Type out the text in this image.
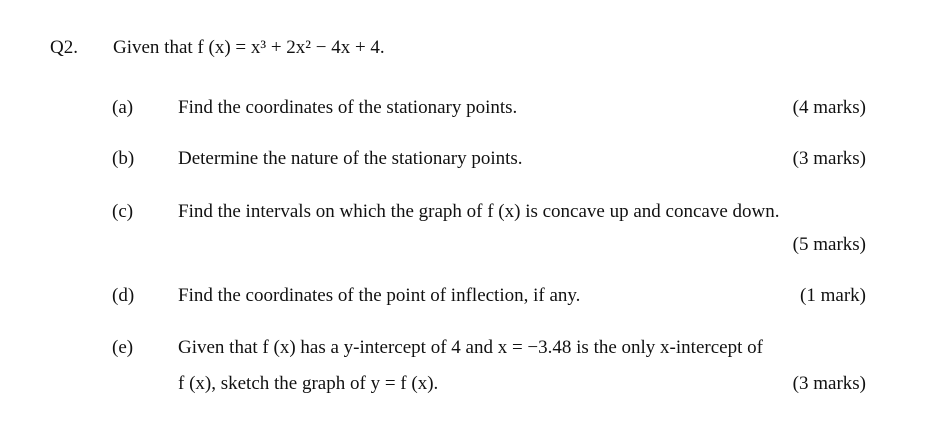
Q2. Given that f (x) = x³ + 2x² − 4x + 4.
(a) Find the coordinates of the stationary points.	(4 marks)
(b) Determine the nature of the stationary points.	(3 marks)
(c) Find the intervals on which the graph of f (x) is concave up and concave down.
(5 marks)
(d) Find the coordinates of the point of inflection, if any.	(1 mark)
(e) Given that f (x) has a y-intercept of 4 and x = −3.48 is the only x-intercept of
f (x), sketch the graph of y = f (x).	(3 marks)
